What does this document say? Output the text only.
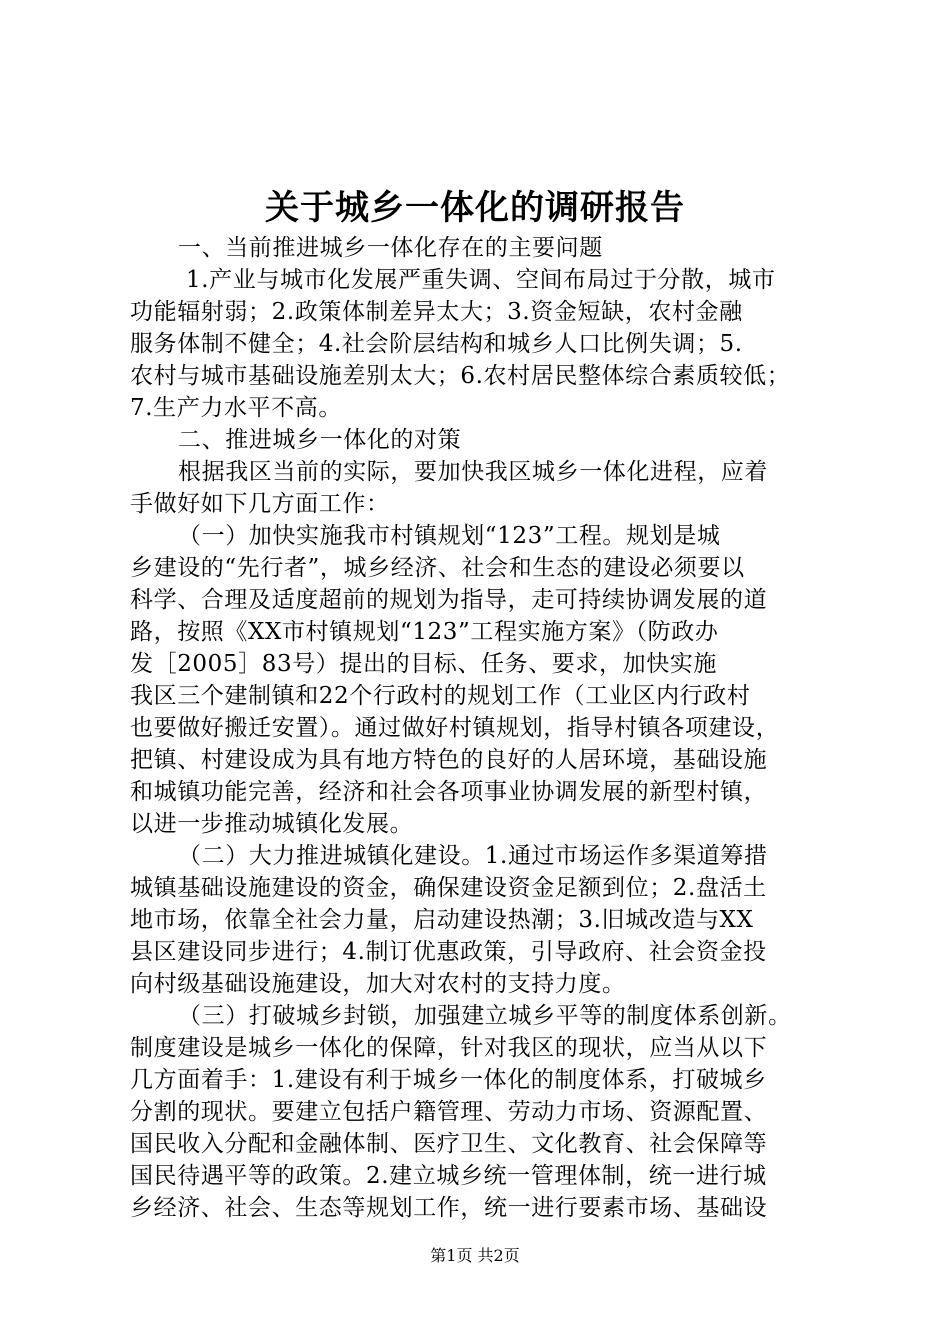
关于城乡一体化的调研报告
一、当前推进城乡一体化存在的主要问题
1.产业与城市化发展严重失调、空间布局过于分散，城市
功能辐射弱；2.政策体制差异太大；3.资金短缺，农村金融
服务体制不健全；4.社会阶层结构和城乡人口比例失调；5.
农村与城市基础设施差别太大；6.农村居民整体综合素质较低；
7.生产力水平不高。
二、推进城乡一体化的对策
根据我区当前的实际，要加快我区城乡一体化进程，应着
手做好如下几方面工作：
（一）加快实施我市村镇规划“123”工程。规划是城
乡建设的“先行者”，城乡经济、社会和生态的建设必须要以
科学、合理及适度超前的规划为指导，走可持续协调发展的道
路，按照《XX市村镇规划“123”工程实施方案》（防政办
发［2005］83号）提出的目标、任务、要求，加快实施
我区三个建制镇和22个行政村的规划工作（工业区内行政村
也要做好搬迁安置）。通过做好村镇规划，指导村镇各项建设，
把镇、村建设成为具有地方特色的良好的人居环境，基础设施
和城镇功能完善，经济和社会各项事业协调发展的新型村镇，
以进一步推动城镇化发展。
（二）大力推进城镇化建设。1.通过市场运作多渠道筹措
城镇基础设施建设的资金，确保建设资金足额到位；2.盘活土
地市场，依靠全社会力量，启动建设热潮；3.旧城改造与XX
县区建设同步进行；4.制订优惠政策，引导政府、社会资金投
向村级基础设施建设，加大对农村的支持力度。
（三）打破城乡封锁，加强建立城乡平等的制度体系创新。
制度建设是城乡一体化的保障，针对我区的现状，应当从以下
几方面着手：1.建设有利于城乡一体化的制度体系，打破城乡
分割的现状。要建立包括户籍管理、劳动力市场、资源配置、
国民收入分配和金融体制、医疗卫生、文化教育、社会保障等
国民待遇平等的政策。2.建立城乡统一管理体制，统一进行城
乡经济、社会、生态等规划工作，统一进行要素市场、基础设
第1页 共2页
